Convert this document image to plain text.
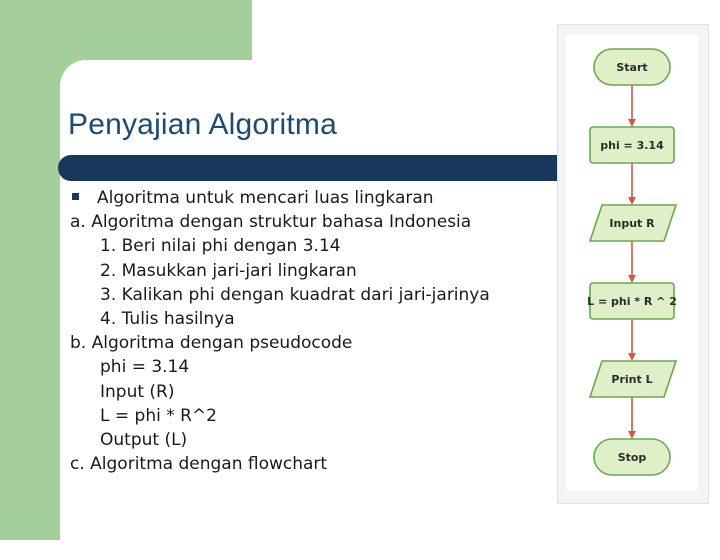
Penyajian Algoritma
Algoritma untuk mencari luas lingkaran
a. Algoritma dengan struktur bahasa Indonesia
1. Beri nilai phi dengan 3.14
2. Masukkan jari-jari lingkaran
3. Kalikan phi dengan kuadrat dari jari-jarinya
4. Tulis hasilnya
b. Algoritma dengan pseudocode
phi = 3.14
Input (R)
L = phi * R^2
Output (L)
c. Algoritma dengan flowchart
Start
phi = 3.14
Input R
L = phi * R ^ 2
Print L
Stop
